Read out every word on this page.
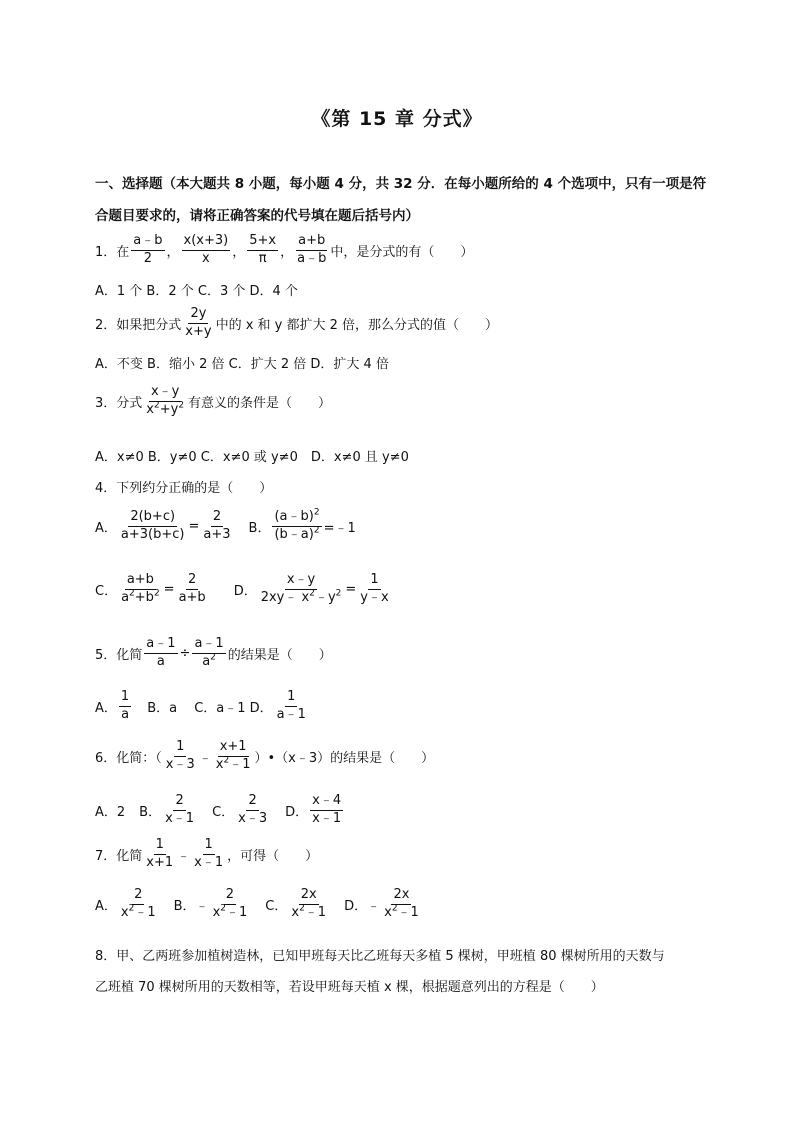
《第 15 章 分式》
一、选择题（本大题共 8 小题，每小题 4 分，共 32 分．在每小题所给的 4 个选项中，只有一项是符
合题目要求的，请将正确答案的代号填在题后括号内）
1．在 $\frac{a﹣b}{2}$ ， $\frac{x(x+3)}{x}$ ， $\frac{5+x}{\pi}$ ， $\frac{a+b}{a﹣b}$ 中，是分式的有（　　）
A．1 个 B．2 个 C．3 个 D．4 个
2．如果把分式 $\frac{2y}{x+y}$ 中的 x 和 y 都扩大 2 倍，那么分式的值（　　）
A．不变 B．缩小 2 倍 C．扩大 2 倍 D．扩大 4 倍
3．分式 $\frac{x﹣y}{x^2+y^2}$ 有意义的条件是（　　）
A．x≠0 B．y≠0 C．x≠0 或 y≠0　D．x≠0 且 y≠0
4．下列约分正确的是（　　）
A． $\frac{2(b+c)}{a+3(b+c)} = \frac{2}{a+3}$ B． $\frac{(a﹣b)^2}{(b﹣a)^2}$ =﹣1
C． $\frac{a+b}{a^2+b^2} = \frac{2}{a+b}$ D． $\frac{x﹣y}{2xy﹣ x^2﹣y^2} = \frac{1}{y﹣x}$
5．化简 $\frac{a﹣1}{a} \div \frac{a﹣1}{a^2}$ 的结果是（　　）
A． $\frac{1}{a}$ B．a　 C．a﹣1 D． $\frac{1}{a﹣1}$
6．化简：（ $\frac{1}{x﹣3}$ ﹣ $\frac{x+1}{x^2﹣1}$ ）•（x﹣3）的结果是（　　）
A．2 B． $\frac{2}{x﹣1}$ C． $\frac{2}{x﹣3}$ D． $\frac{x﹣4}{x﹣1}$
7．化简 $\frac{1}{x+1}$ ﹣ $\frac{1}{x﹣1}$ ，可得（　　）
A． $\frac{2}{x^2﹣1}$ B． ﹣ $\frac{2}{x^2﹣1}$ C． $\frac{2x}{x^2﹣1}$ D． ﹣ $\frac{2x}{x^2﹣1}$
8．甲、乙两班参加植树造林，已知甲班每天比乙班每天多植 5 棵树，甲班植 80 棵树所用的天数与
乙班植 70 棵树所用的天数相等，若设甲班每天植 x 棵，根据题意列出的方程是（　　）
